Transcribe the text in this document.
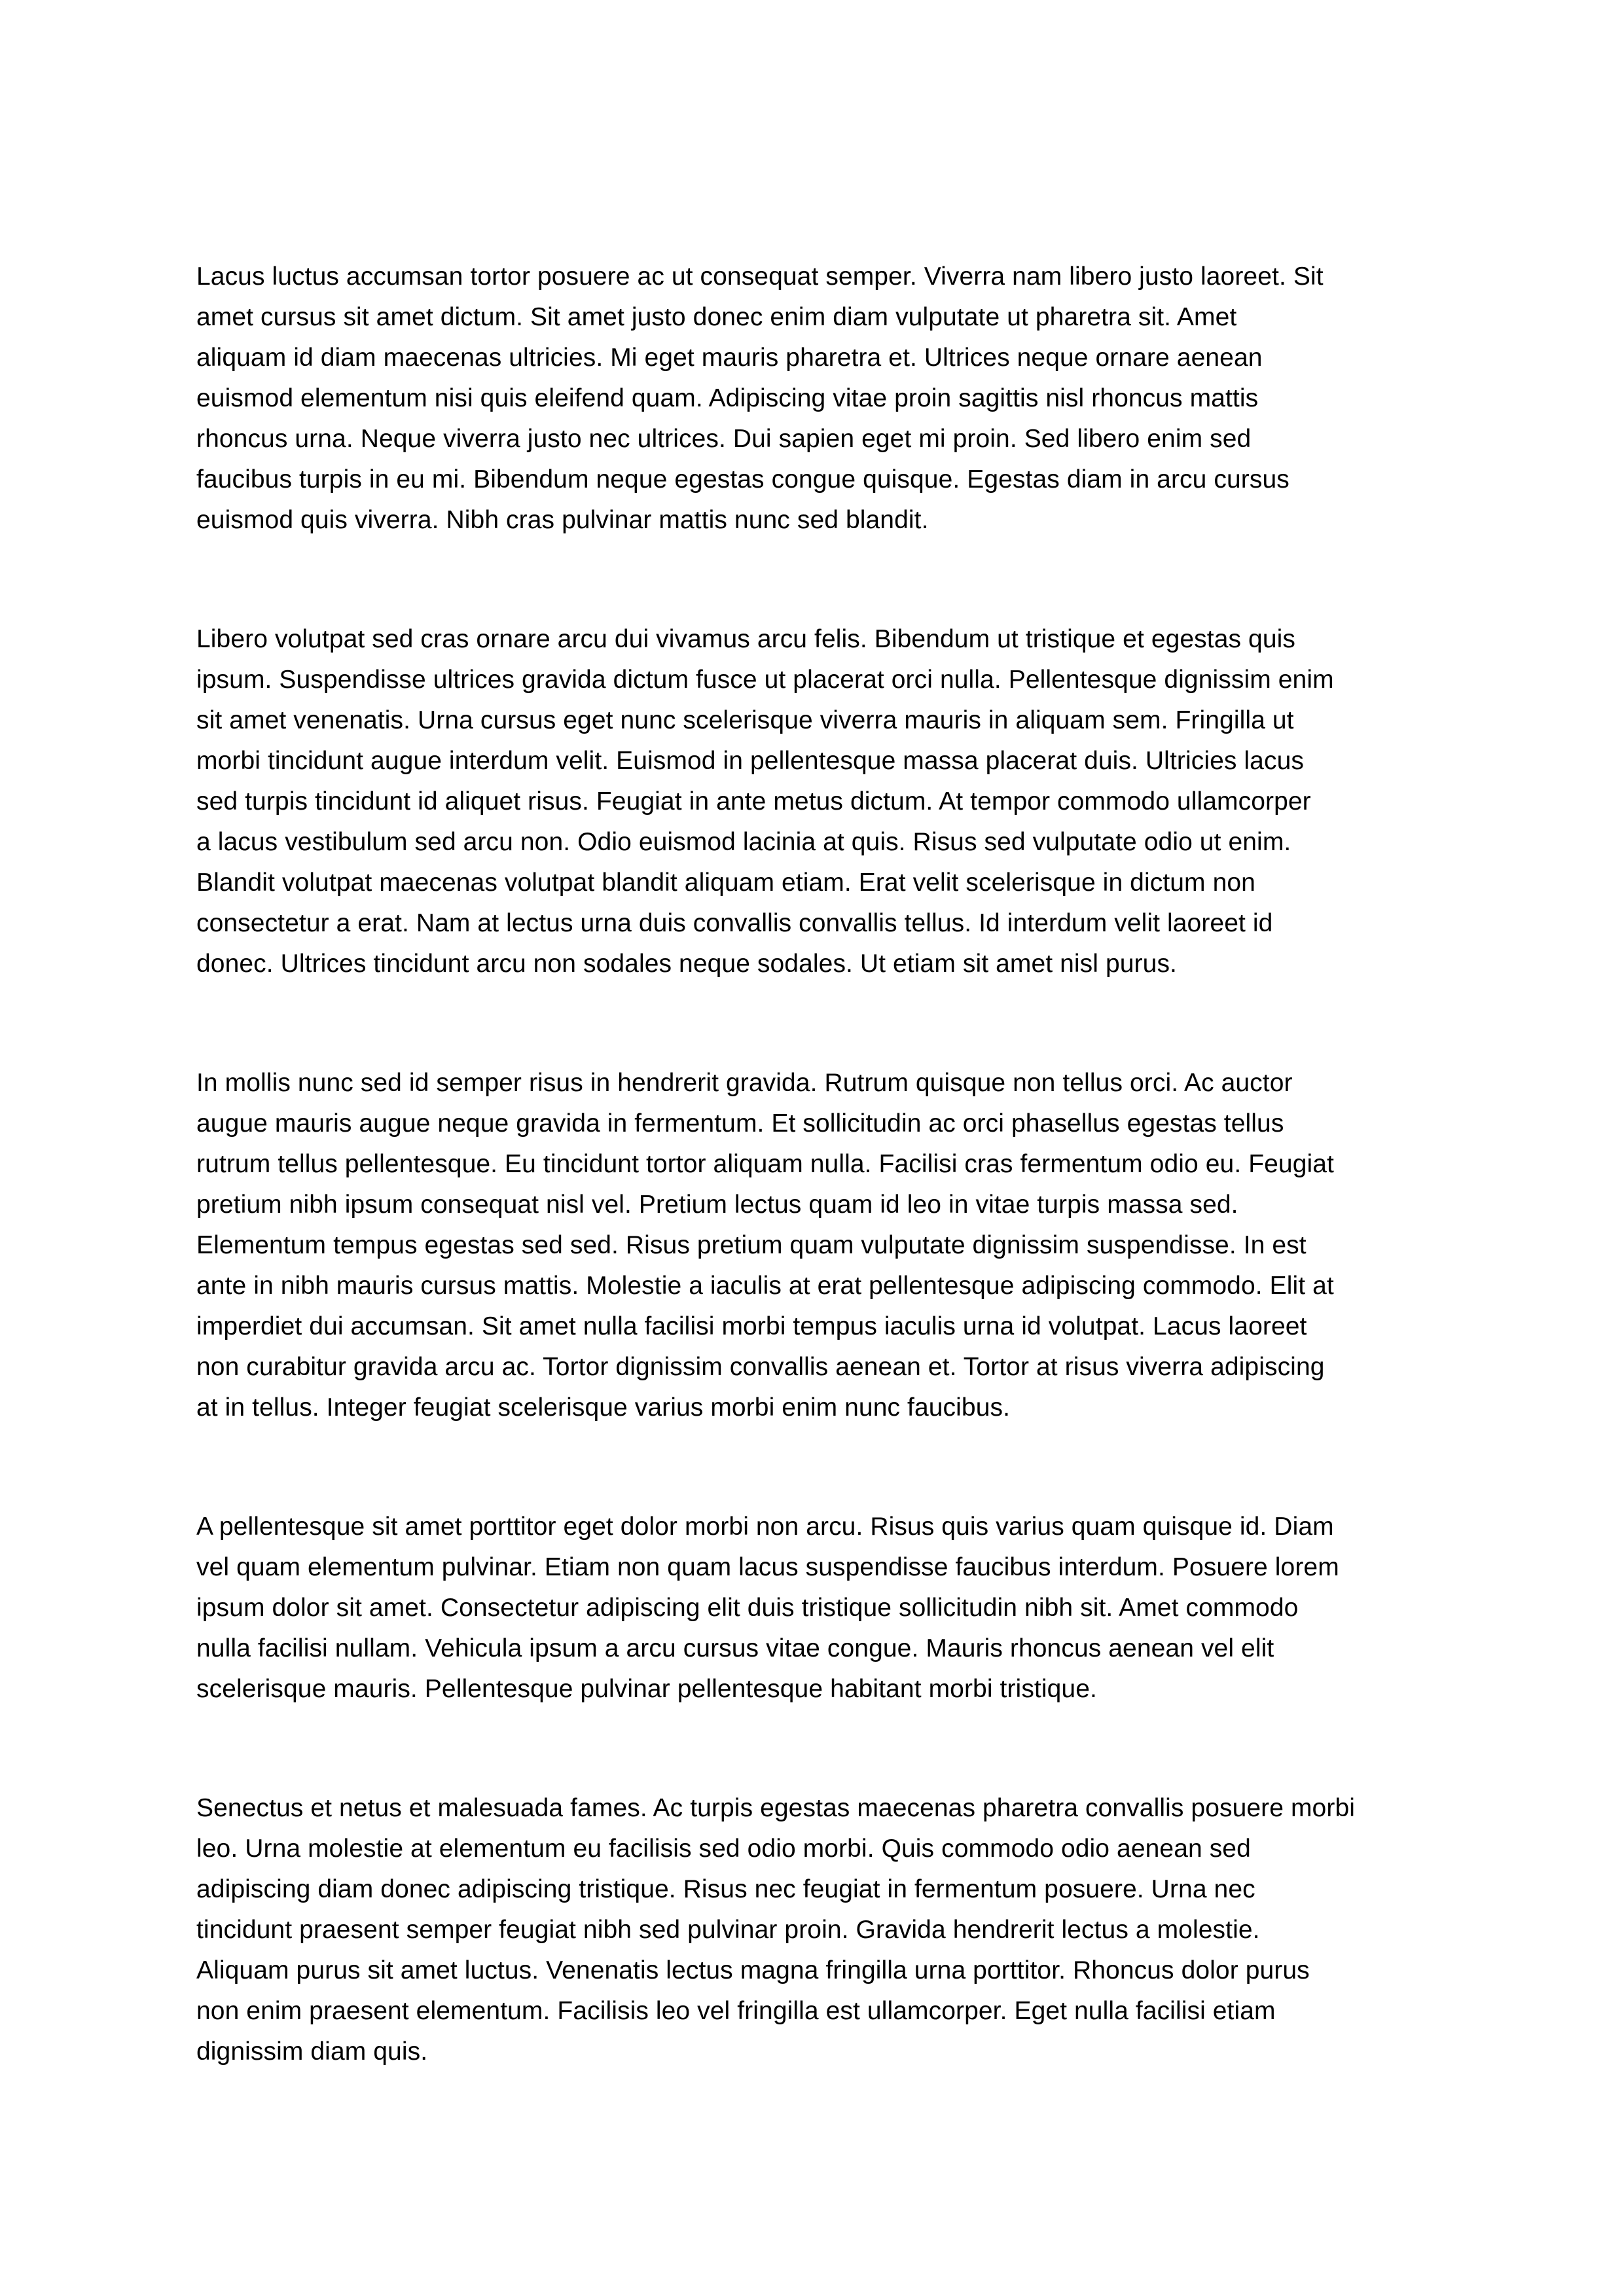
Lacus luctus accumsan tortor posuere ac ut consequat semper. Viverra nam libero justo laoreet. Sit
amet cursus sit amet dictum. Sit amet justo donec enim diam vulputate ut pharetra sit. Amet
aliquam id diam maecenas ultricies. Mi eget mauris pharetra et. Ultrices neque ornare aenean
euismod elementum nisi quis eleifend quam. Adipiscing vitae proin sagittis nisl rhoncus mattis
rhoncus urna. Neque viverra justo nec ultrices. Dui sapien eget mi proin. Sed libero enim sed
faucibus turpis in eu mi. Bibendum neque egestas congue quisque. Egestas diam in arcu cursus
euismod quis viverra. Nibh cras pulvinar mattis nunc sed blandit.
Libero volutpat sed cras ornare arcu dui vivamus arcu felis. Bibendum ut tristique et egestas quis
ipsum. Suspendisse ultrices gravida dictum fusce ut placerat orci nulla. Pellentesque dignissim enim
sit amet venenatis. Urna cursus eget nunc scelerisque viverra mauris in aliquam sem. Fringilla ut
morbi tincidunt augue interdum velit. Euismod in pellentesque massa placerat duis. Ultricies lacus
sed turpis tincidunt id aliquet risus. Feugiat in ante metus dictum. At tempor commodo ullamcorper
a lacus vestibulum sed arcu non. Odio euismod lacinia at quis. Risus sed vulputate odio ut enim.
Blandit volutpat maecenas volutpat blandit aliquam etiam. Erat velit scelerisque in dictum non
consectetur a erat. Nam at lectus urna duis convallis convallis tellus. Id interdum velit laoreet id
donec. Ultrices tincidunt arcu non sodales neque sodales. Ut etiam sit amet nisl purus.
In mollis nunc sed id semper risus in hendrerit gravida. Rutrum quisque non tellus orci. Ac auctor
augue mauris augue neque gravida in fermentum. Et sollicitudin ac orci phasellus egestas tellus
rutrum tellus pellentesque. Eu tincidunt tortor aliquam nulla. Facilisi cras fermentum odio eu. Feugiat
pretium nibh ipsum consequat nisl vel. Pretium lectus quam id leo in vitae turpis massa sed.
Elementum tempus egestas sed sed. Risus pretium quam vulputate dignissim suspendisse. In est
ante in nibh mauris cursus mattis. Molestie a iaculis at erat pellentesque adipiscing commodo. Elit at
imperdiet dui accumsan. Sit amet nulla facilisi morbi tempus iaculis urna id volutpat. Lacus laoreet
non curabitur gravida arcu ac. Tortor dignissim convallis aenean et. Tortor at risus viverra adipiscing
at in tellus. Integer feugiat scelerisque varius morbi enim nunc faucibus.
A pellentesque sit amet porttitor eget dolor morbi non arcu. Risus quis varius quam quisque id. Diam
vel quam elementum pulvinar. Etiam non quam lacus suspendisse faucibus interdum. Posuere lorem
ipsum dolor sit amet. Consectetur adipiscing elit duis tristique sollicitudin nibh sit. Amet commodo
nulla facilisi nullam. Vehicula ipsum a arcu cursus vitae congue. Mauris rhoncus aenean vel elit
scelerisque mauris. Pellentesque pulvinar pellentesque habitant morbi tristique.
Senectus et netus et malesuada fames. Ac turpis egestas maecenas pharetra convallis posuere morbi
leo. Urna molestie at elementum eu facilisis sed odio morbi. Quis commodo odio aenean sed
adipiscing diam donec adipiscing tristique. Risus nec feugiat in fermentum posuere. Urna nec
tincidunt praesent semper feugiat nibh sed pulvinar proin. Gravida hendrerit lectus a molestie.
Aliquam purus sit amet luctus. Venenatis lectus magna fringilla urna porttitor. Rhoncus dolor purus
non enim praesent elementum. Facilisis leo vel fringilla est ullamcorper. Eget nulla facilisi etiam
dignissim diam quis.
